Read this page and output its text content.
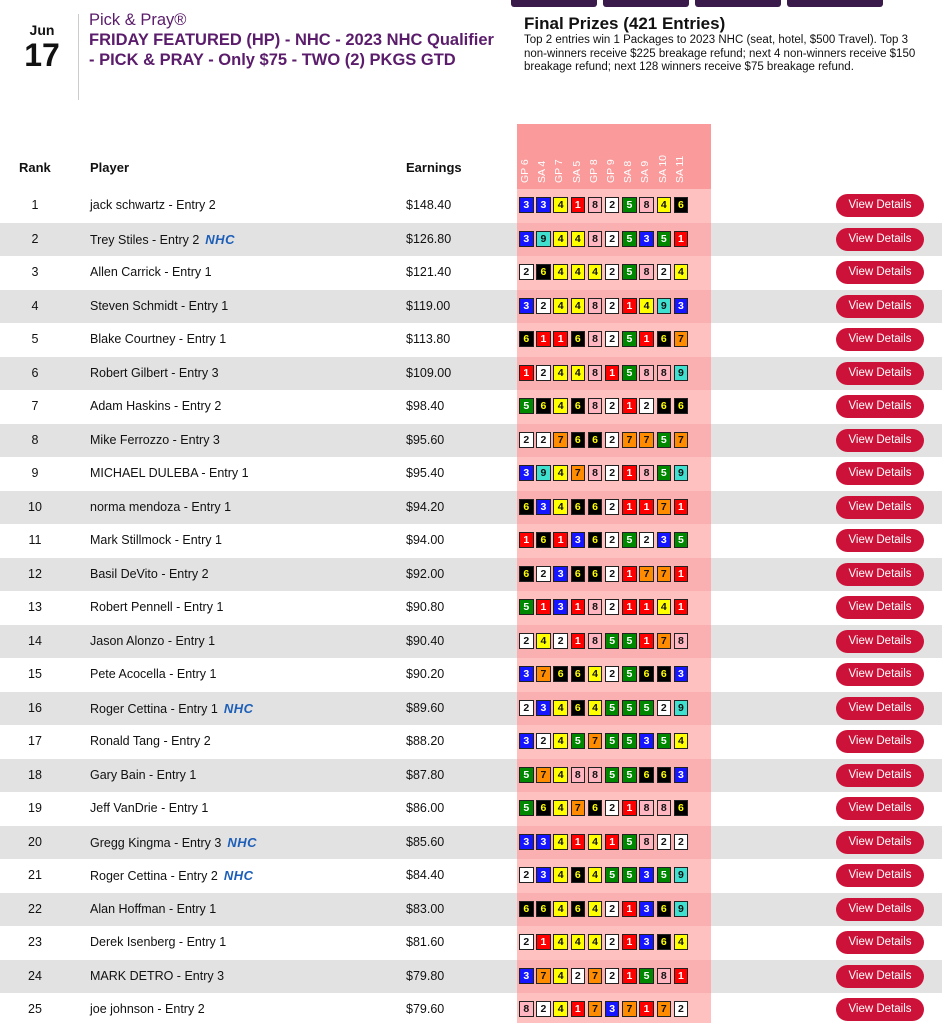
Jun
17
Pick & Pray®
FRIDAY FEATURED (HP) - NHC - 2023 NHC Qualifier - PICK & PRAY - Only $75 - TWO (2) PKGS GTD
Final Prizes (421 Entries)
Top 2 entries win 1 Packages to 2023 NHC (seat, hotel, $500 Travel). Top 3 non-winners receive $225 breakage refund; next 4 non-winners receive $150 breakage refund; next 128 winners receive $75 breakage refund.
GP 6 SA 4 GP 7 SA 5 GP 8 GP 9 SA 8 SA 9 SA 10 SA 11
Rank	Player	Earnings
1	jack schwartz - Entry 2	$148.40	3	3	4	1	8	2	5	8	4	6	View Details
2	Trey Stiles - Entry 2 NHC	$126.80	3	9	4	4	8	2	5	3	5	1	View Details
3	Allen Carrick - Entry 1	$121.40	2	6	4	4	4	2	5	8	2	4	View Details
4	Steven Schmidt - Entry 1	$119.00	3	2	4	4	8	2	1	4	9	3	View Details
5	Blake Courtney - Entry 1	$113.80	6	1	1	6	8	2	5	1	6	7	View Details
6	Robert Gilbert - Entry 3	$109.00	1	2	4	4	8	1	5	8	8	9	View Details
7	Adam Haskins - Entry 2	$98.40	5	6	4	6	8	2	1	2	6	6	View Details
8	Mike Ferrozzo - Entry 3	$95.60	2	2	7	6	6	2	7	7	5	7	View Details
9	MICHAEL DULEBA - Entry 1	$95.40	3	9	4	7	8	2	1	8	5	9	View Details
10	norma mendoza - Entry 1	$94.20	6	3	4	6	6	2	1	1	7	1	View Details
11	Mark Stillmock - Entry 1	$94.00	1	6	1	3	6	2	5	2	3	5	View Details
12	Basil DeVito - Entry 2	$92.00	6	2	3	6	6	2	1	7	7	1	View Details
13	Robert Pennell - Entry 1	$90.80	5	1	3	1	8	2	1	1	4	1	View Details
14	Jason Alonzo - Entry 1	$90.40	2	4	2	1	8	5	5	1	7	8	View Details
15	Pete Acocella - Entry 1	$90.20	3	7	6	6	4	2	5	6	6	3	View Details
16	Roger Cettina - Entry 1 NHC	$89.60	2	3	4	6	4	5	5	5	2	9	View Details
17	Ronald Tang - Entry 2	$88.20	3	2	4	5	7	5	5	3	5	4	View Details
18	Gary Bain - Entry 1	$87.80	5	7	4	8	8	5	5	6	6	3	View Details
19	Jeff VanDrie - Entry 1	$86.00	5	6	4	7	6	2	1	8	8	6	View Details
20	Gregg Kingma - Entry 3 NHC	$85.60	3	3	4	1	4	1	5	8	2	2	View Details
21	Roger Cettina - Entry 2 NHC	$84.40	2	3	4	6	4	5	5	3	5	9	View Details
22	Alan Hoffman - Entry 1	$83.00	6	6	4	6	4	2	1	3	6	9	View Details
23	Derek Isenberg - Entry 1	$81.60	2	1	4	4	4	2	1	3	6	4	View Details
24	MARK DETRO - Entry 3	$79.80	3	7	4	2	7	2	1	5	8	1	View Details
25	joe johnson - Entry 2	$79.60	8	2	4	1	7	3	7	1	7	2	View Details
